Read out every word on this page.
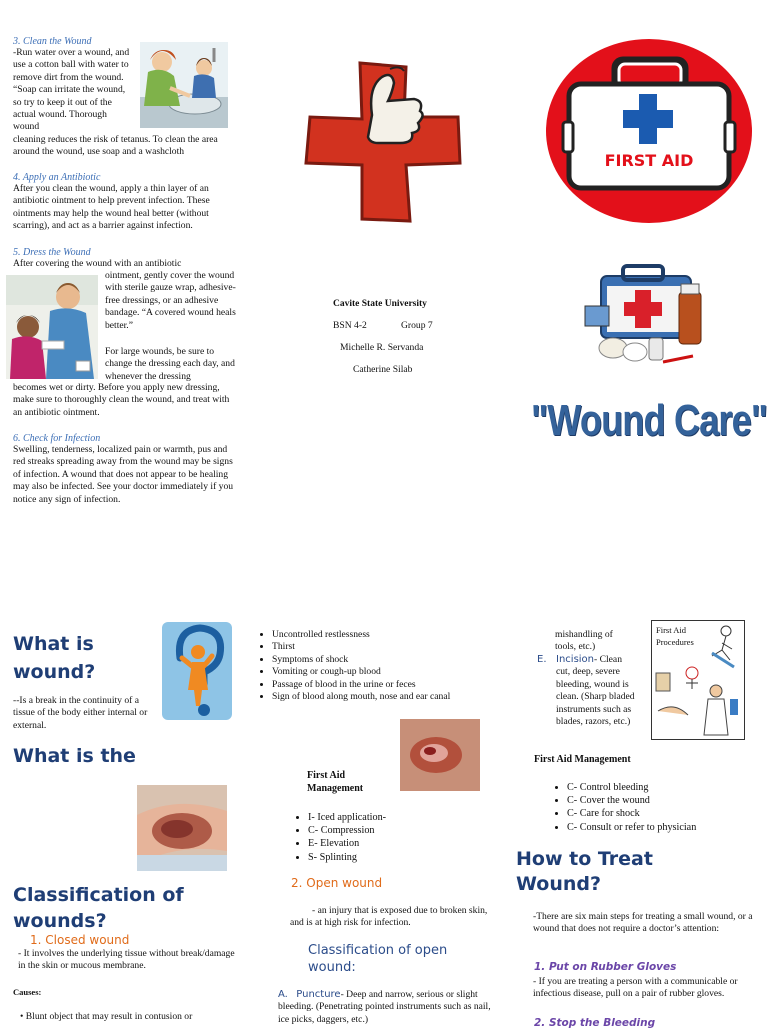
3. Clean the Wound
-Run water over a wound, and use a cotton ball with water to remove dirt from the wound. “Soap can irritate the wound, so try to keep it out of the actual wound. Thorough wound
cleaning reduces the risk of tetanus. To clean the area around the wound, use soap and a washcloth
4. Apply an Antibiotic
After you clean the wound, apply a thin layer of an antibiotic ointment to help prevent infection. These ointments may help the wound heal better (without scarring), and act as a barrier against infection.
5. Dress the Wound
After covering the wound with an antibiotic
ointment, gently cover the wound with sterile gauze wrap, adhesive-free dressings, or an adhesive bandage. “A covered wound heals better.”
For large wounds, be sure to change the dressing each day, and whenever the dressing
becomes wet or dirty. Before you apply new dressing, make sure to thoroughly clean the wound, and treat with an antibiotic ointment.
6. Check for Infection
Swelling, tenderness, localized pain or warmth, pus and red streaks spreading away from the wound may be signs of infection. A wound that does not appear to be healing may also be infected. See your doctor immediately if you notice any sign of infection.
Cavite State University
BSN 4-2	Group 7
Michelle R. Servanda
Catherine Silab
FIRST AID
"Wound Care"
What is wound?
--Is a break in the continuity of a tissue of the body either internal or external.
What is the
Classification of wounds?
1. Closed wound
- It involves the underlying tissue without break/damage in the skin or mucous membrane.
Causes:
• Blunt object that may result in contusion or
• Uncontrolled restlessness
• Thirst
• Symptoms of shock
• Vomiting or cough-up blood
• Passage of blood in the urine or feces
• Sign of blood along mouth, nose and ear canal
First Aid Management
• I- Iced application-
• C- Compression
• E- Elevation
• S- Splinting
2. Open wound
- an injury that is exposed due to broken skin, and is at high risk for infection.
Classification of open wound:
A. Puncture- Deep and narrow, serious or slight bleeding. (Penetrating pointed instruments such as nail, ice picks, daggers, etc.)
mishandling of tools, etc.)
E. Incision- Clean cut, deep, severe bleeding, wound is clean. (Sharp bladed instruments such as blades, razors, etc.)
First Aid Procedures
First Aid Management
• C- Control bleeding
• C- Cover the wound
• C- Care for shock
• C- Consult or refer to physician
How to Treat Wound?
-There are six main steps for treating a small wound, or a wound that does not require a doctor’s attention:
1. Put on Rubber Gloves
- If you are treating a person with a communicable or infectious disease, pull on a pair of rubber gloves.
2. Stop the Bleeding
